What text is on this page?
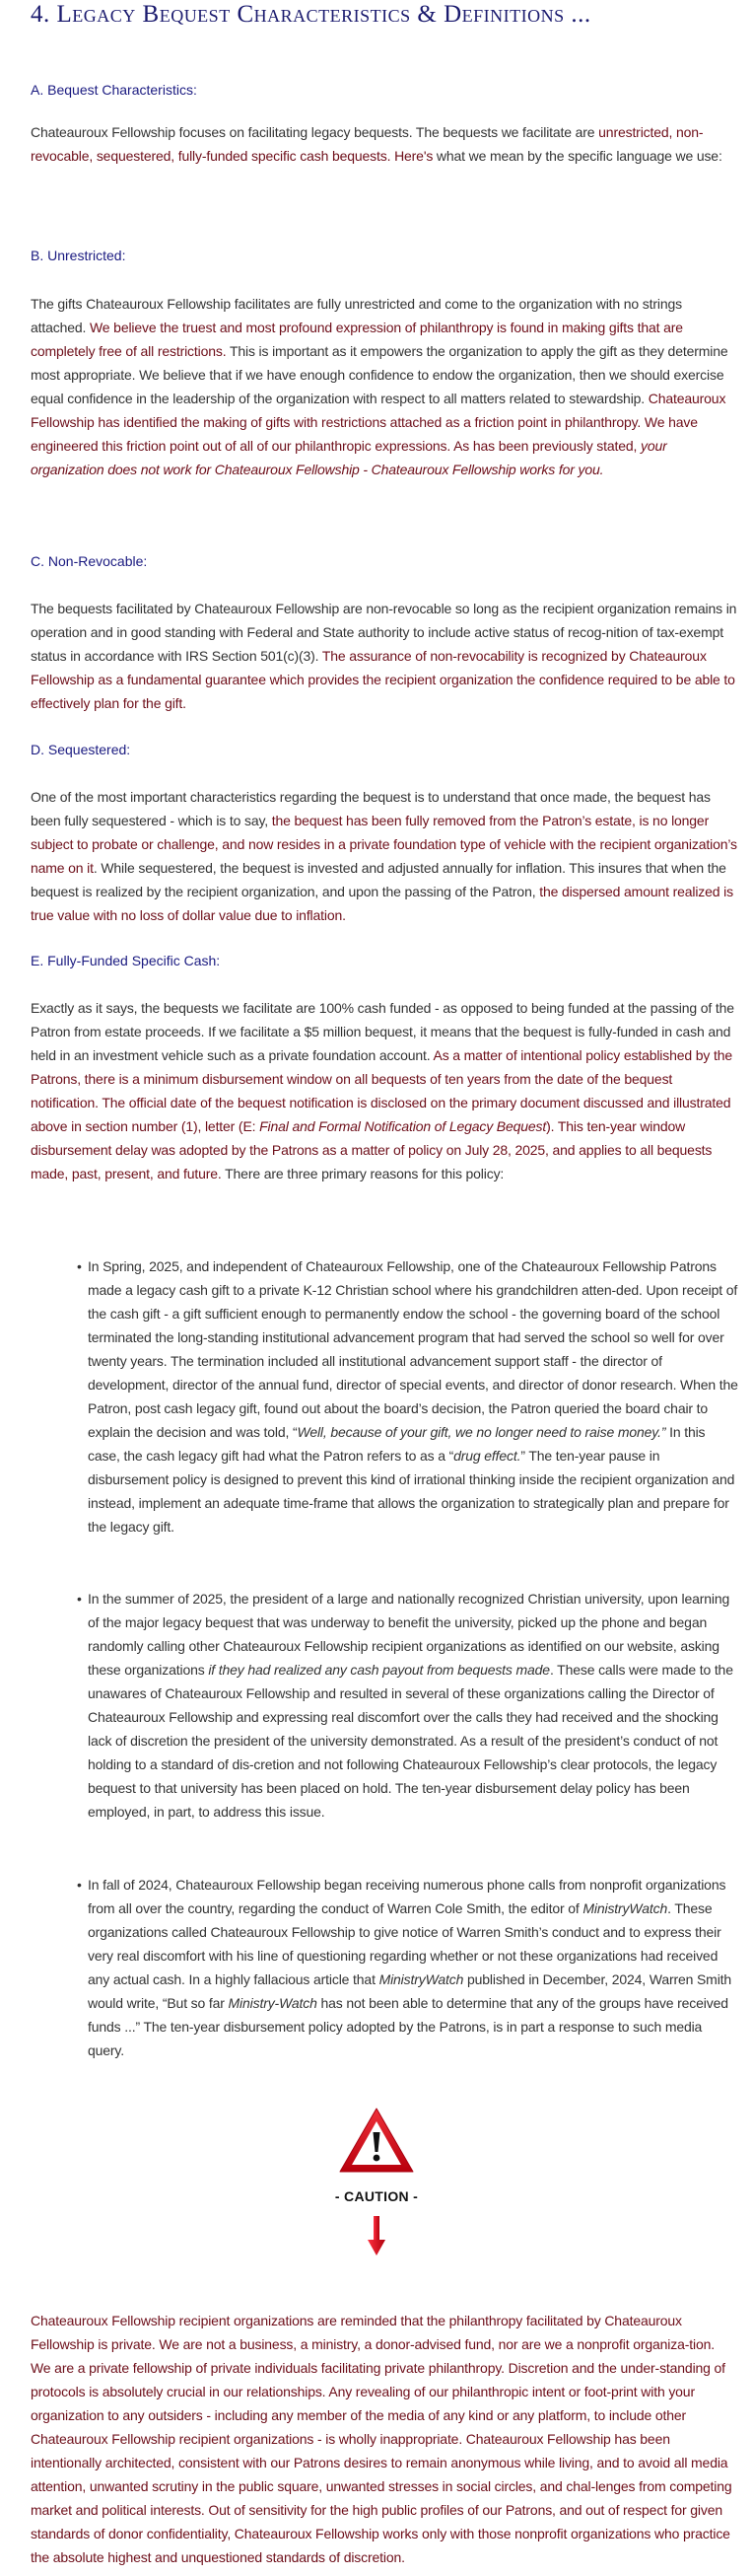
4. Legacy Bequest Characteristics & Definitions ...
A. Bequest Characteristics:
Chateauroux Fellowship focuses on facilitating legacy bequests. The bequests we facilitate are unrestricted, non-revocable, sequestered, fully-funded specific cash bequests. Here's what we mean by the specific language we use:
B. Unrestricted:
The gifts Chateauroux Fellowship facilitates are fully unrestricted and come to the organization with no strings attached. We believe the truest and most profound expression of philanthropy is found in making gifts that are completely free of all restrictions. This is important as it empowers the organization to apply the gift as they determine most appropriate. We believe that if we have enough confidence to endow the organization, then we should exercise equal confidence in the leadership of the organization with respect to all matters related to stewardship. Chateauroux Fellowship has identified the making of gifts with restrictions attached as a friction point in philanthropy. We have engineered this friction point out of all of our philanthropic expressions. As has been previously stated, your organization does not work for Chateauroux Fellowship - Chateauroux Fellowship works for you.
C. Non-Revocable:
The bequests facilitated by Chateauroux Fellowship are non-revocable so long as the recipient organization remains in operation and in good standing with Federal and State authority to include active status of recog-nition of tax-exempt status in accordance with IRS Section 501(c)(3). The assurance of non-revocability is recognized by Chateauroux Fellowship as a fundamental guarantee which provides the recipient organization the confidence required to be able to effectively plan for the gift.
D. Sequestered:
One of the most important characteristics regarding the bequest is to understand that once made, the bequest has been fully sequestered - which is to say, the bequest has been fully removed from the Patron’s estate, is no longer subject to probate or challenge, and now resides in a private foundation type of vehicle with the recipient organization’s name on it. While sequestered, the bequest is invested and adjusted annually for inflation. This insures that when the bequest is realized by the recipient organization, and upon the passing of the Patron, the dispersed amount realized is true value with no loss of dollar value due to inflation.
E. Fully-Funded Specific Cash:
Exactly as it says, the bequests we facilitate are 100% cash funded - as opposed to being funded at the passing of the Patron from estate proceeds. If we facilitate a $5 million bequest, it means that the bequest is fully-funded in cash and held in an investment vehicle such as a private foundation account. As a matter of intentional policy established by the Patrons, there is a minimum disbursement window on all bequests of ten years from the date of the bequest notification. The official date of the bequest notification is disclosed on the primary document discussed and illustrated above in section number (1), letter (E: Final and Formal Notification of Legacy Bequest). This ten-year window disbursement delay was adopted by the Patrons as a matter of policy on July 28, 2025, and applies to all bequests made, past, present, and future. There are three primary reasons for this policy:
• In Spring, 2025, and independent of Chateauroux Fellowship, one of the Chateauroux Fellowship Patrons made a legacy cash gift to a private K-12 Christian school where his grandchildren atten-ded. Upon receipt of the cash gift - a gift sufficient enough to permanently endow the school - the governing board of the school terminated the long-standing institutional advancement program that had served the school so well for over twenty years. The termination included all institutional advancement support staff - the director of development, director of the annual fund, director of special events, and director of donor research. When the Patron, post cash legacy gift, found out about the board’s decision, the Patron queried the board chair to explain the decision and was told, “Well, because of your gift, we no longer need to raise money.” In this case, the cash legacy gift had what the Patron refers to as a “drug effect.” The ten-year pause in disbursement policy is designed to prevent this kind of irrational thinking inside the recipient organization and instead, implement an adequate time-frame that allows the organization to strategically plan and prepare for the legacy gift.
• In the summer of 2025, the president of a large and nationally recognized Christian university, upon learning of the major legacy bequest that was underway to benefit the university, picked up the phone and began randomly calling other Chateauroux Fellowship recipient organizations as identified on our website, asking these organizations if they had realized any cash payout from bequests made. These calls were made to the unawares of Chateauroux Fellowship and resulted in several of these organizations calling the Director of Chateauroux Fellowship and expressing real discomfort over the calls they had received and the shocking lack of discretion the president of the university demonstrated. As a result of the president’s conduct of not holding to a standard of dis-cretion and not following Chateauroux Fellowship’s clear protocols, the legacy bequest to that university has been placed on hold. The ten-year disbursement delay policy has been employed, in part, to address this issue.
• In fall of 2024, Chateauroux Fellowship began receiving numerous phone calls from nonprofit organizations from all over the country, regarding the conduct of Warren Cole Smith, the editor of MinistryWatch. These organizations called Chateauroux Fellowship to give notice of Warren Smith’s conduct and to express their very real discomfort with his line of questioning regarding whether or not these organizations had received any actual cash. In a highly fallacious article that MinistryWatch published in December, 2024, Warren Smith would write, “But so far Ministry-Watch has not been able to determine that any of the groups have received funds ...” The ten-year disbursement policy adopted by the Patrons, is in part a response to such media query.
- CAUTION -
Chateauroux Fellowship recipient organizations are reminded that the philanthropy facilitated by Chateauroux Fellowship is private. We are not a business, a ministry, a donor-advised fund, nor are we a nonprofit organiza-tion. We are a private fellowship of private individuals facilitating private philanthropy. Discretion and the under-standing of protocols is absolutely crucial in our relationships. Any revealing of our philanthropic intent or foot-print with your organization to any outsiders - including any member of the media of any kind or any platform, to include other Chateauroux Fellowship recipient organizations - is wholly inappropriate. Chateauroux Fellowship has been intentionally architected, consistent with our Patrons desires to remain anonymous while living, and to avoid all media attention, unwanted scrutiny in the public square, unwanted stresses in social circles, and chal-lenges from competing market and political interests. Out of sensitivity for the high public profiles of our Patrons, and out of respect for given standards of donor confidentiality, Chateauroux Fellowship works only with those nonprofit organizations who practice the absolute highest and unquestioned standards of discretion.
